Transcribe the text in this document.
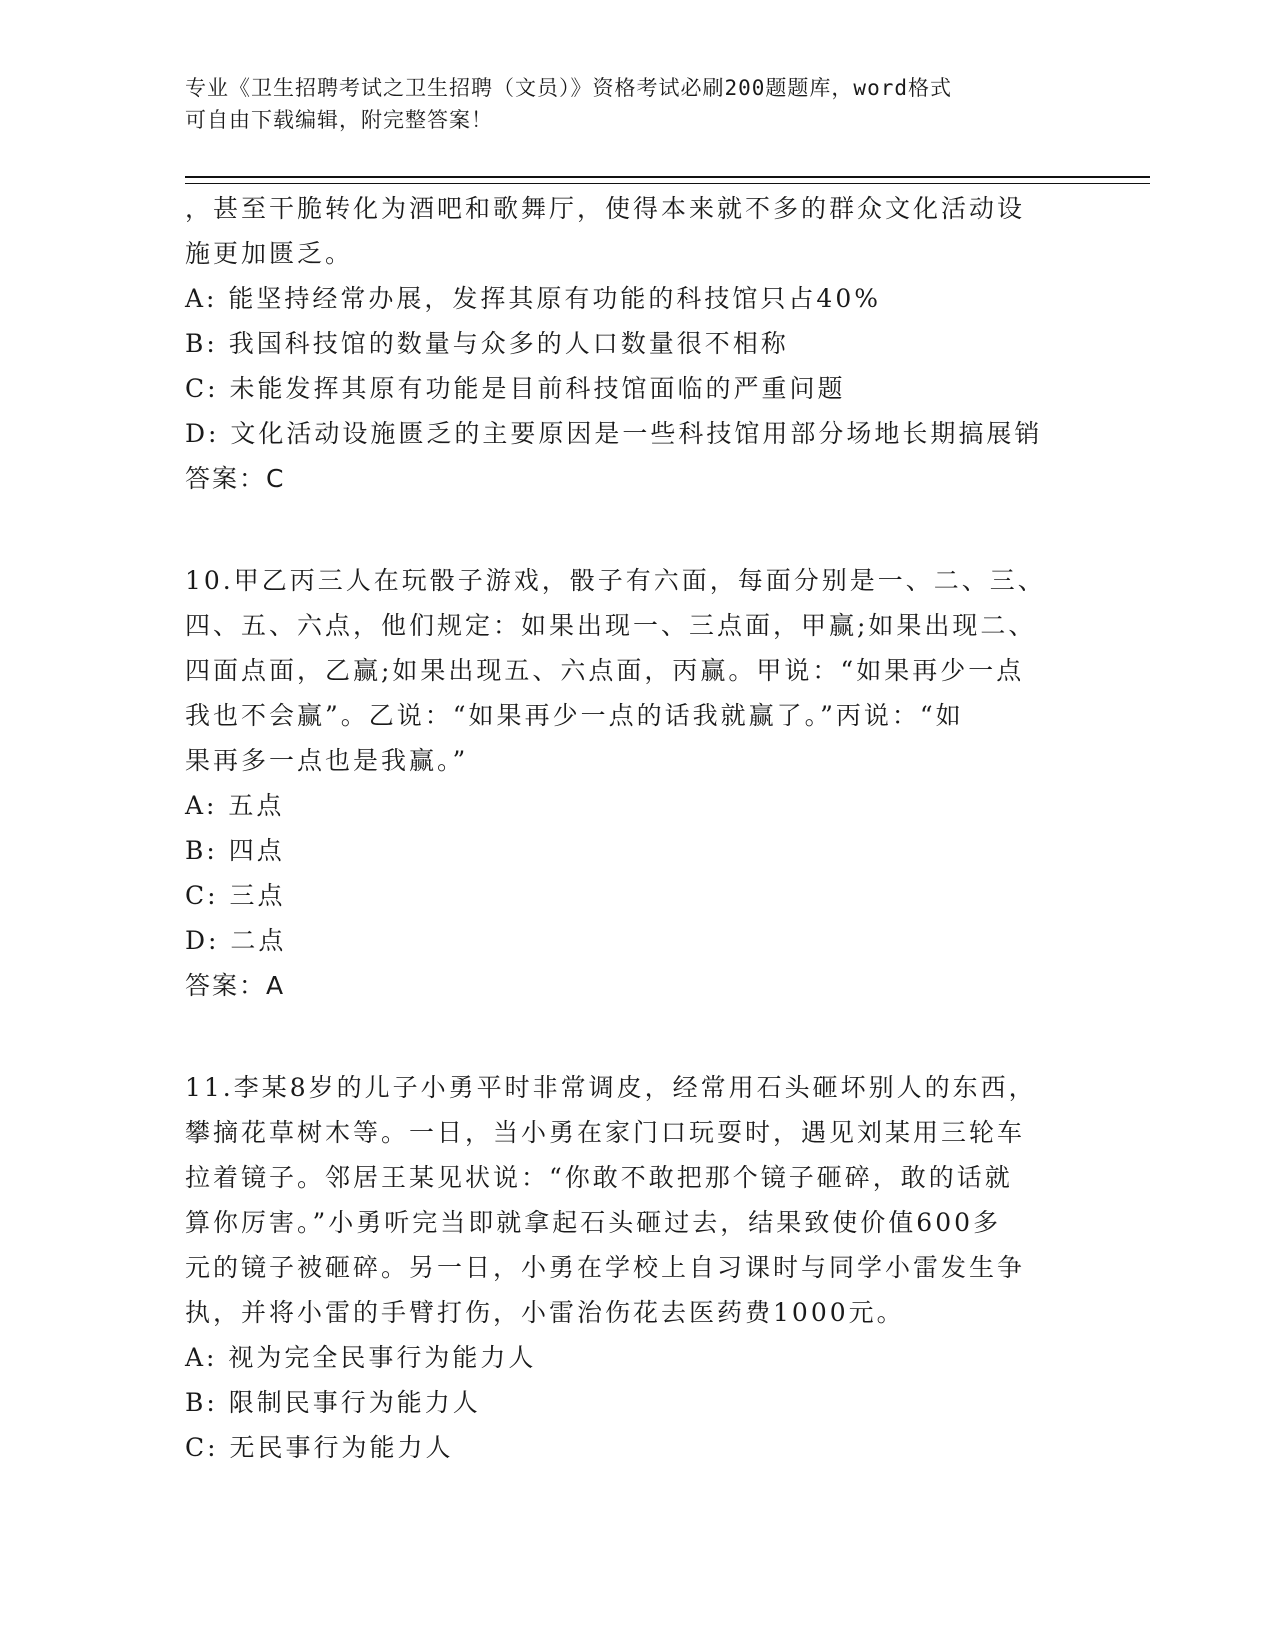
专业《卫生招聘考试之卫生招聘（文员）》资格考试必刷200题题库，word格式
可自由下载编辑，附完整答案！
，甚至干脆转化为酒吧和歌舞厅，使得本来就不多的群众文化活动设
施更加匮乏。
A: 能坚持经常办展，发挥其原有功能的科技馆只占40%
B: 我国科技馆的数量与众多的人口数量很不相称
C: 未能发挥其原有功能是目前科技馆面临的严重问题
D: 文化活动设施匮乏的主要原因是一些科技馆用部分场地长期搞展销
答案：C
10.甲乙丙三人在玩骰子游戏，骰子有六面，每面分别是一、二、三、
四、五、六点，他们规定：如果出现一、三点面，甲赢;如果出现二、
四面点面，乙赢;如果出现五、六点面，丙赢。甲说：“如果再少一点
我也不会赢”。乙说：“如果再少一点的话我就赢了。”丙说：“如
果再多一点也是我赢。”
A: 五点
B: 四点
C: 三点
D: 二点
答案：A
11.李某8岁的儿子小勇平时非常调皮，经常用石头砸坏别人的东西，
攀摘花草树木等。一日，当小勇在家门口玩耍时，遇见刘某用三轮车
拉着镜子。邻居王某见状说：“你敢不敢把那个镜子砸碎，敢的话就
算你厉害。”小勇听完当即就拿起石头砸过去，结果致使价值600多
元的镜子被砸碎。另一日，小勇在学校上自习课时与同学小雷发生争
执，并将小雷的手臂打伤，小雷治伤花去医药费1000元。
A: 视为完全民事行为能力人
B: 限制民事行为能力人
C: 无民事行为能力人
